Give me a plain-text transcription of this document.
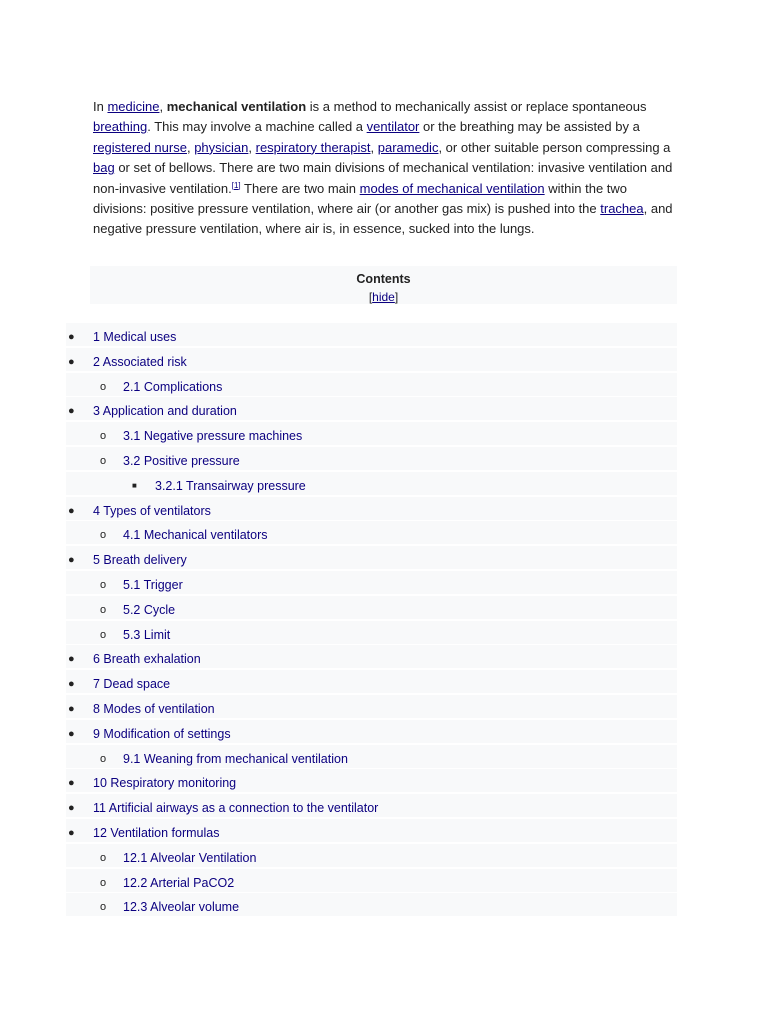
In medicine, mechanical ventilation is a method to mechanically assist or replace spontaneous breathing. This may involve a machine called a ventilator or the breathing may be assisted by a registered nurse, physician, respiratory therapist, paramedic, or other suitable person compressing a bag or set of bellows. There are two main divisions of mechanical ventilation: invasive ventilation and non-invasive ventilation.[1] There are two main modes of mechanical ventilation within the two divisions: positive pressure ventilation, where air (or another gas mix) is pushed into the trachea, and negative pressure ventilation, where air is, in essence, sucked into the lungs.

Contents
[hide]
● 1 Medical uses
● 2 Associated risk
o 2.1 Complications
● 3 Application and duration
o 3.1 Negative pressure machines
o 3.2 Positive pressure
■ 3.2.1 Transairway pressure
● 4 Types of ventilators
o 4.1 Mechanical ventilators
● 5 Breath delivery
o 5.1 Trigger
o 5.2 Cycle
o 5.3 Limit
● 6 Breath exhalation
● 7 Dead space
● 8 Modes of ventilation
● 9 Modification of settings
o 9.1 Weaning from mechanical ventilation
● 10 Respiratory monitoring
● 11 Artificial airways as a connection to the ventilator
● 12 Ventilation formulas
o 12.1 Alveolar Ventilation
o 12.2 Arterial PaCO2
o 12.3 Alveolar volume
